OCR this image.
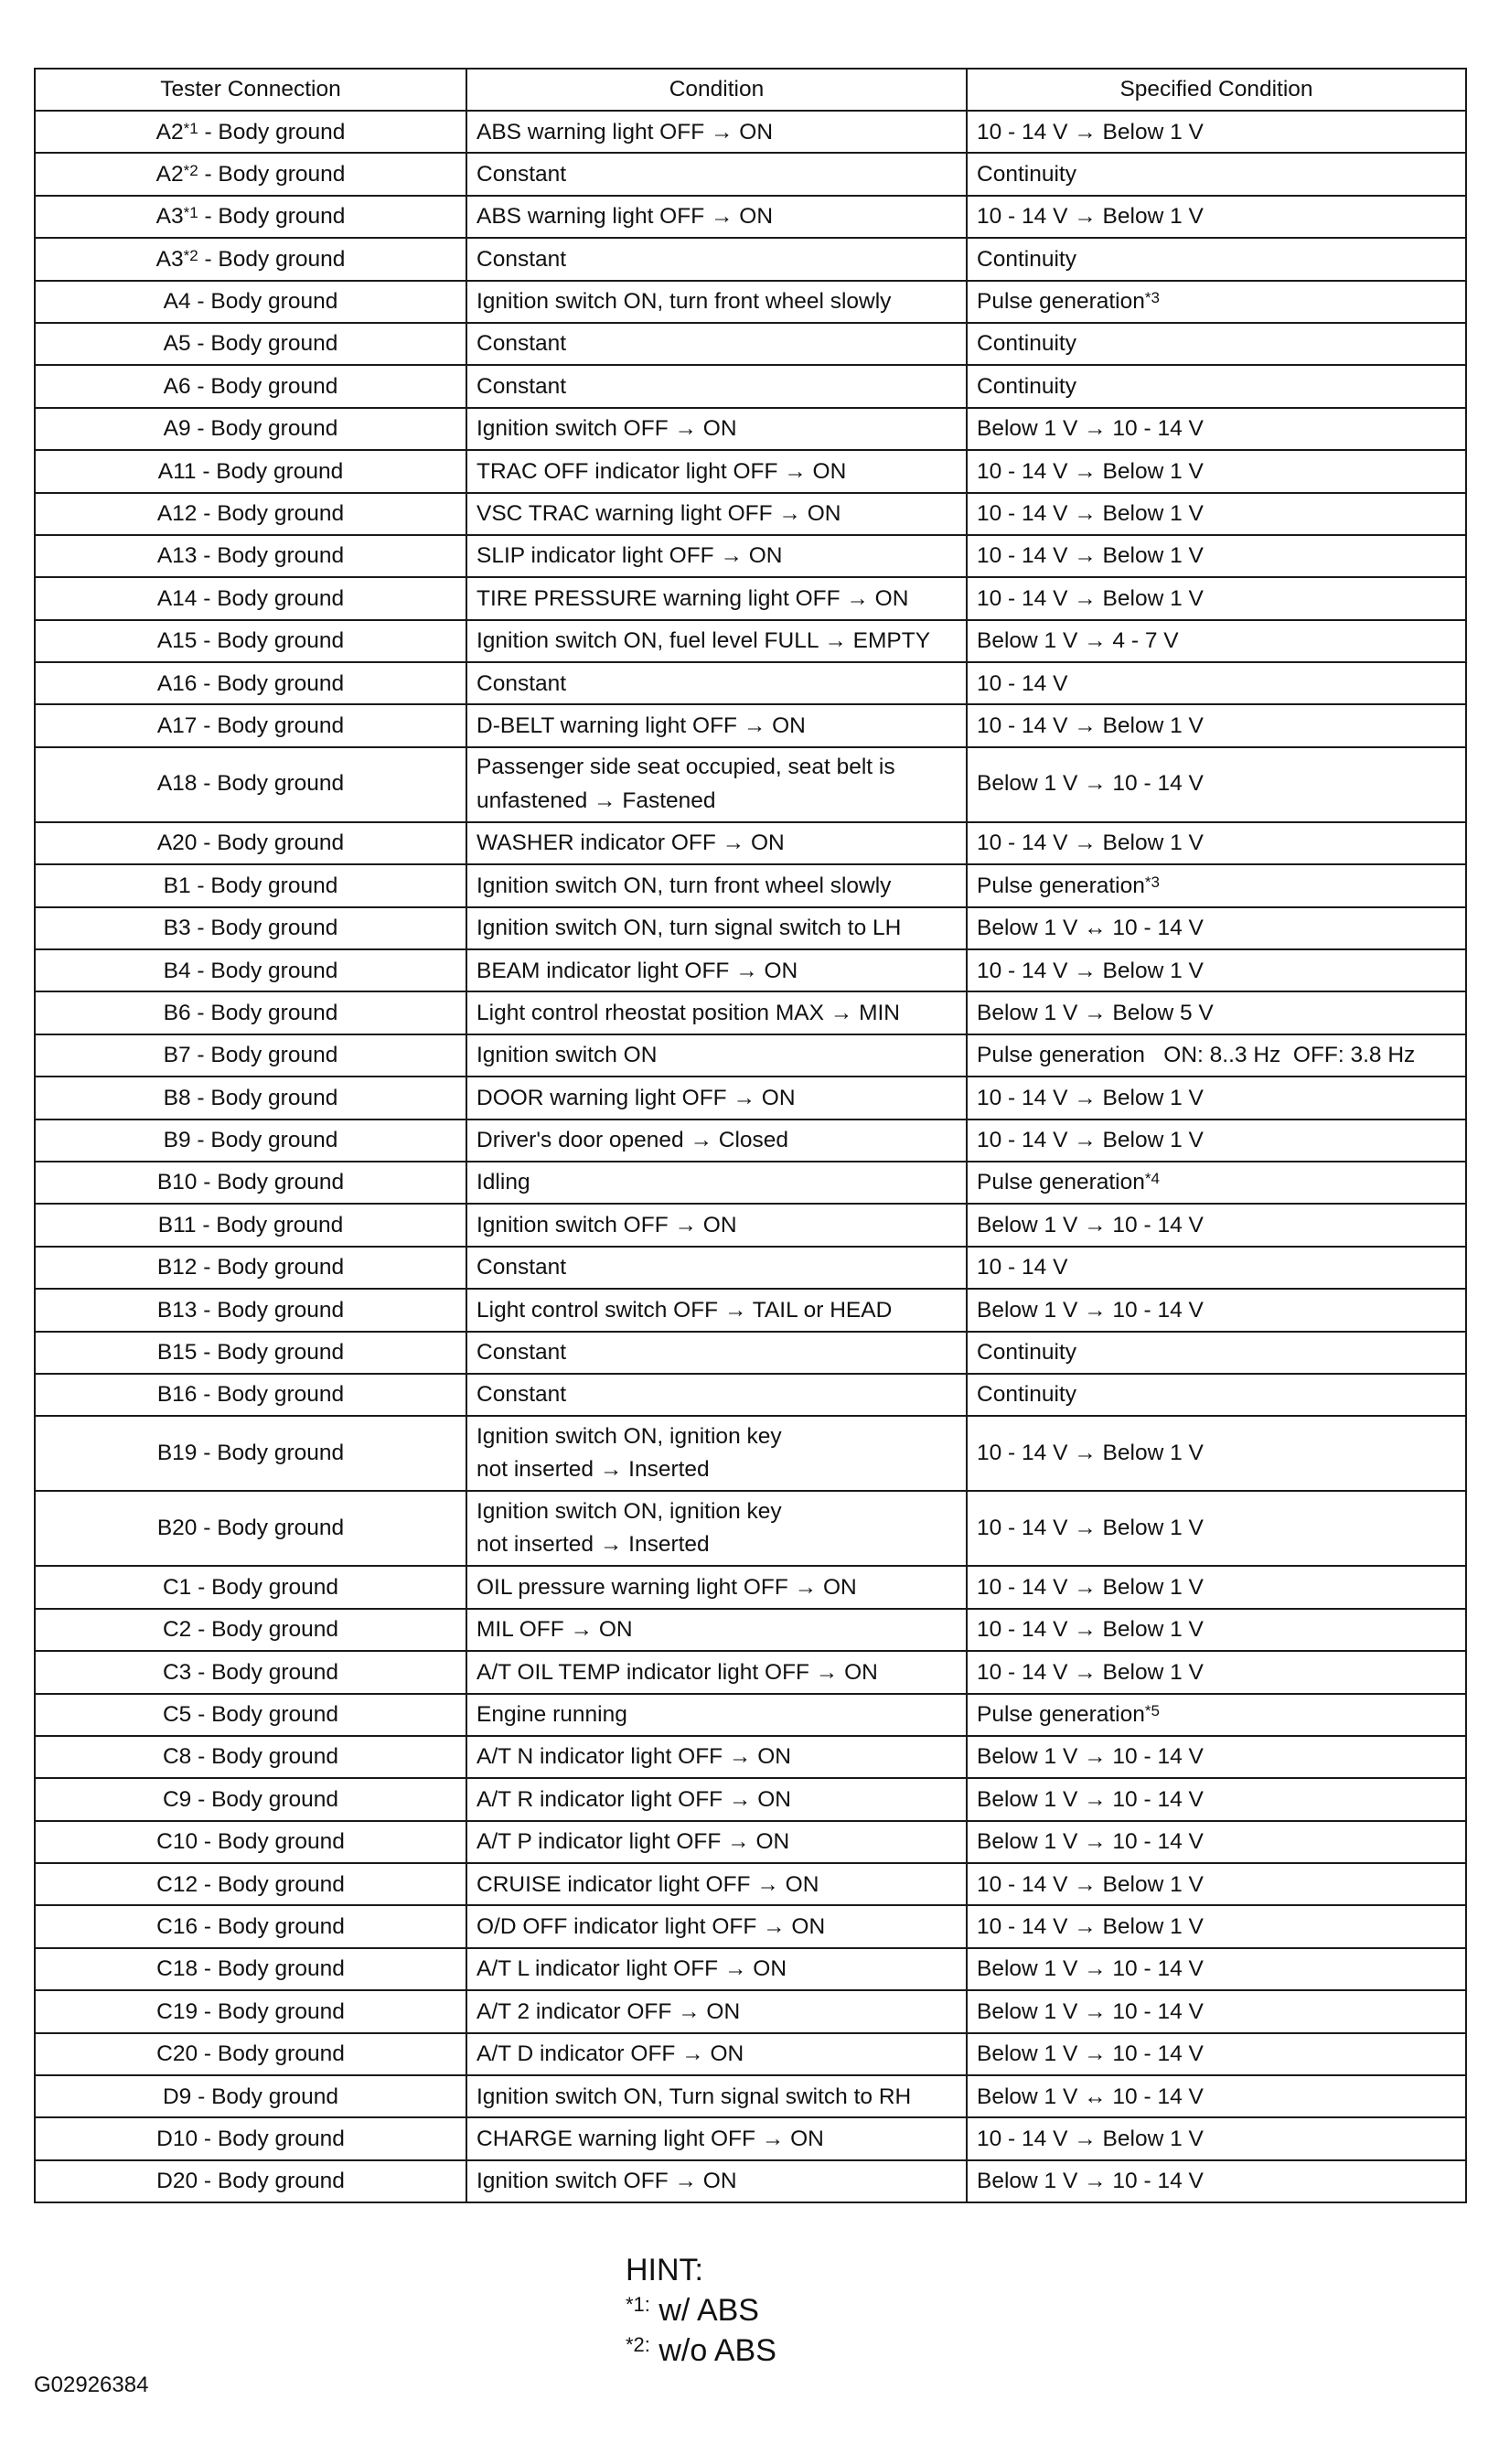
Tester Connection	Condition	Specified Condition
A2$^{*1}$ - Body ground	ABS warning light OFF → ON	10 - 14 V → Below 1 V
A2$^{*2}$ - Body ground	Constant	Continuity
A3$^{*1}$ - Body ground	ABS warning light OFF → ON	10 - 14 V → Below 1 V
A3$^{*2}$ - Body ground	Constant	Continuity
A4 - Body ground	Ignition switch ON, turn front wheel slowly	Pulse generation$^{*3}$
A5 - Body ground	Constant	Continuity
A6 - Body ground	Constant	Continuity
A9 - Body ground	Ignition switch OFF → ON	Below 1 V → 10 - 14 V
A11 - Body ground	TRAC OFF indicator light OFF → ON	10 - 14 V → Below 1 V
A12 - Body ground	VSC TRAC warning light OFF → ON	10 - 14 V → Below 1 V
A13 - Body ground	SLIP indicator light OFF → ON	10 - 14 V → Below 1 V
A14 - Body ground	TIRE PRESSURE warning light OFF → ON	10 - 14 V → Below 1 V
A15 - Body ground	Ignition switch ON, fuel level FULL → EMPTY	Below 1 V → 4 - 7 V
A16 - Body ground	Constant	10 - 14 V
A17 - Body ground	D-BELT warning light OFF → ON	10 - 14 V → Below 1 V
A18 - Body ground	Passenger side seat occupied, seat belt is
unfastened → Fastened	Below 1 V → 10 - 14 V
A20 - Body ground	WASHER indicator OFF → ON	10 - 14 V → Below 1 V
B1 - Body ground	Ignition switch ON, turn front wheel slowly	Pulse generation$^{*3}$
B3 - Body ground	Ignition switch ON, turn signal switch to LH	Below 1 V ↔ 10 - 14 V
B4 - Body ground	BEAM indicator light OFF → ON	10 - 14 V → Below 1 V
B6 - Body ground	Light control rheostat position MAX → MIN	Below 1 V → Below 5 V
B7 - Body ground	Ignition switch ON	Pulse generation   ON: 8..3 Hz  OFF: 3.8 Hz
B8 - Body ground	DOOR warning light OFF → ON	10 - 14 V → Below 1 V
B9 - Body ground	Driver's door opened → Closed	10 - 14 V → Below 1 V
B10 - Body ground	Idling	Pulse generation$^{*4}$
B11 - Body ground	Ignition switch OFF → ON	Below 1 V → 10 - 14 V
B12 - Body ground	Constant	10 - 14 V
B13 - Body ground	Light control switch OFF → TAIL or HEAD	Below 1 V → 10 - 14 V
B15 - Body ground	Constant	Continuity
B16 - Body ground	Constant	Continuity
B19 - Body ground	Ignition switch ON, ignition key
not inserted → Inserted	10 - 14 V → Below 1 V
B20 - Body ground	Ignition switch ON, ignition key
not inserted → Inserted	10 - 14 V → Below 1 V
C1 - Body ground	OIL pressure warning light OFF → ON	10 - 14 V → Below 1 V
C2 - Body ground	MIL OFF → ON	10 - 14 V → Below 1 V
C3 - Body ground	A/T OIL TEMP indicator light OFF → ON	10 - 14 V → Below 1 V
C5 - Body ground	Engine running	Pulse generation$^{*5}$
C8 - Body ground	A/T N indicator light OFF → ON	Below 1 V → 10 - 14 V
C9 - Body ground	A/T R indicator light OFF → ON	Below 1 V → 10 - 14 V
C10 - Body ground	A/T P indicator light OFF → ON	Below 1 V → 10 - 14 V
C12 - Body ground	CRUISE indicator light OFF → ON	10 - 14 V → Below 1 V
C16 - Body ground	O/D OFF indicator light OFF → ON	10 - 14 V → Below 1 V
C18 - Body ground	A/T L indicator light OFF → ON	Below 1 V → 10 - 14 V
C19 - Body ground	A/T 2 indicator OFF → ON	Below 1 V → 10 - 14 V
C20 - Body ground	A/T D indicator OFF → ON	Below 1 V → 10 - 14 V
D9 - Body ground	Ignition switch ON, Turn signal switch to RH	Below 1 V ↔ 10 - 14 V
D10 - Body ground	CHARGE warning light OFF → ON	10 - 14 V → Below 1 V
D20 - Body ground	Ignition switch OFF → ON	Below 1 V → 10 - 14 V
HINT:
$^{*1:}$ w/ ABS
$^{*2:}$ w/o ABS
G02926384
